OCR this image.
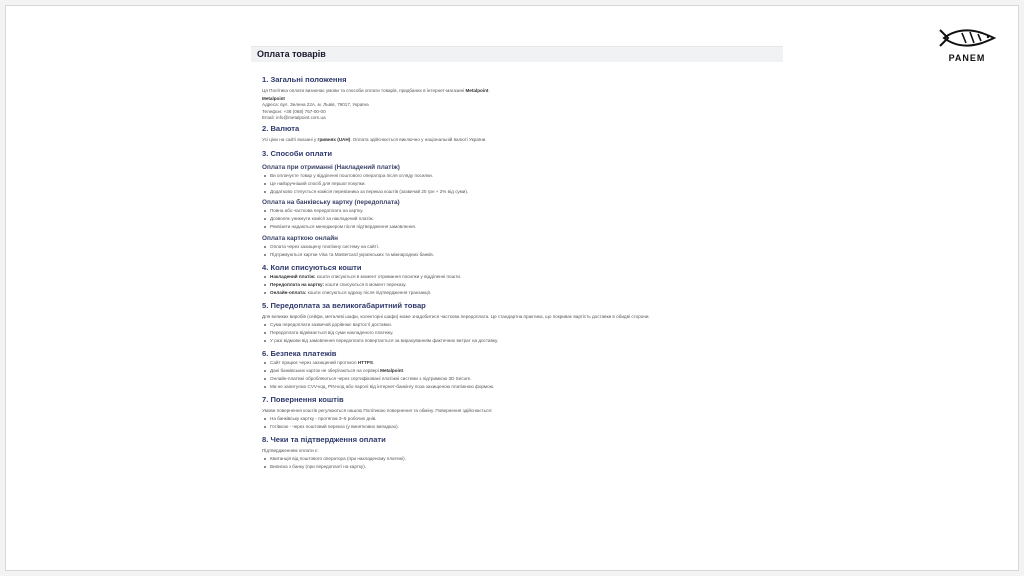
PANEM
Оплата товарів
1. Загальні положення

Ця Політика оплати визначає умови та способи оплати товарів, придбаних в інтернет-магазині Metalpoint.

Metalpoint

Адреса: вул. Зелена 22А, м. Львів, 79017, Україна

Телефон: +38 (068) 757-00-00

Email: info@metalpoint.com.ua

2. Валюта

Усі ціни на сайті вказані у гривнях (UAH). Оплата здійснюється виключно у національній валюті України.

3. Способи оплати
Оплата при отриманні (Накладений платіж)
Ви оплачуєте товар у відділенні поштового оператора після огляду посилки.
Це найзручніший спосіб для першої покупки.
Додатково стягується комісія перевізника за переказ коштів (зазвичай 20 грн + 2% від суми).
Оплата на банківську картку (передоплата)
Повна або часткова передоплата на картку.
Дозволяє уникнути комісії за накладений платіж.
Реквізити надаються менеджером після підтвердження замовлення.
Оплата карткою онлайн
Оплата через захищену платіжну систему на сайті.
Підтримуються картки Visa та Mastercard українських та міжнародних банків.
4. Коли списуються кошти
Накладений платіж: кошти списуються в момент отримання посилки у відділенні пошти.
Передоплата на картку: кошти списуються в момент переказу.
Онлайн-оплата: кошти списуються одразу після підтвердження транзакції.
5. Передоплата за великогабаритний товар

Для великих виробів (сейфи, металеві шафи, колекторні шафи) може знадобитися часткова передоплата. Це стандартна практика, що покриває вартість доставки в обидві сторони.

Сума передоплати зазвичай дорівнює вартості доставки.
Передоплата віднімається від суми накладеного платежу.
У разі відмови від замовлення передоплата повертається за вирахуванням фактичних витрат на доставку.
6. Безпека платежів
Сайт працює через захищений протокол HTTPS.
Дані банківських карток не зберігаються на сервері Metalpoint.
Онлайн-платежі обробляються через сертифіковані платіжні системи з підтримкою 3D Secure.
Ми не запитуємо CVV-код, PIN-код або паролі від інтернет-банкінгу поза захищеною платіжною формою.
7. Повернення коштів

Умови повернення коштів регулюються нашою Політикою повернення та обміну. Повернення здійснюється:

На банківську картку - протягом 3–5 робочих днів.
Готівкою - через поштовий переказ (у виняткових випадках).
8. Чеки та підтвердження оплати

Підтвердженням оплати є:

Квитанція від поштового оператора (при накладеному платежі).
Виписка з банку (при передоплаті на картку).
